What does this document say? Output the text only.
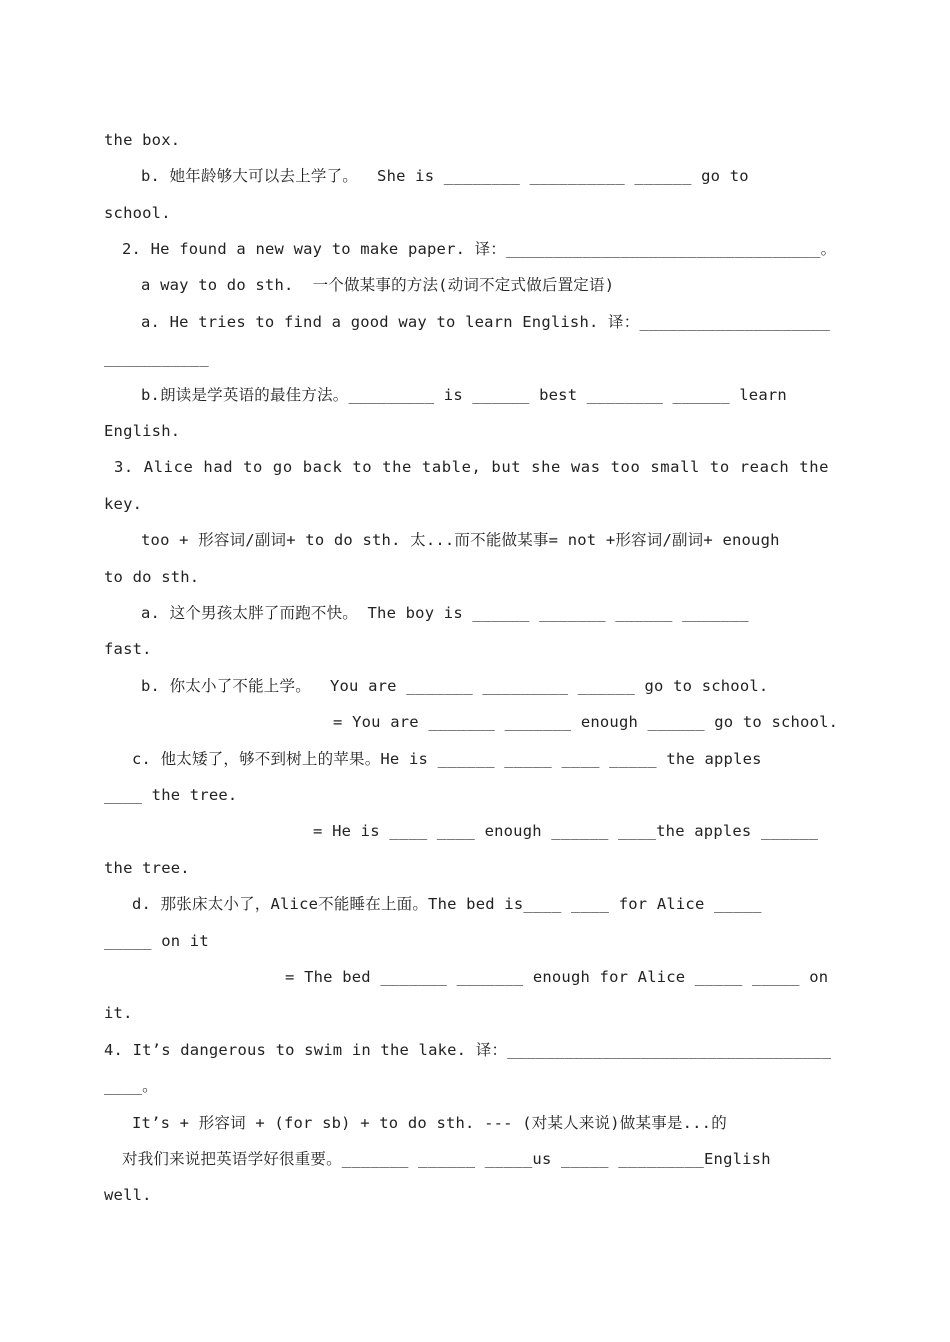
the box.
b. 她年龄够大可以去上学了。  She is ________ __________ ______ go to
school.
2. He found a new way to make paper. 译：_________________________________。
a way to do sth.  一个做某事的方法(动词不定式做后置定语)
a. He tries to find a good way to learn English. 译：____________________
___________
b.朗读是学英语的最佳方法。_________ is ______ best ________ ______ learn
English.
3. Alice had to go back to the table, but she was too small to reach the
key.
too + 形容词/副词+ to do sth. 太...而不能做某事= not +形容词/副词+ enough
to do sth.
a. 这个男孩太胖了而跑不快。 The boy is ______ _______ ______ _______
fast.
b. 你太小了不能上学。  You are _______ _________ ______ go to school.
= You are _______ _______ enough ______ go to school.
c. 他太矮了，够不到树上的苹果。He is ______ _____ ____ _____ the apples
____ the tree.
= He is ____ ____ enough ______ ____the apples ______
the tree.
d. 那张床太小了，Alice不能睡在上面。The bed is____ ____ for Alice _____
_____ on it
= The bed _______ _______ enough for Alice _____ _____ on
it.
4. It’s dangerous to swim in the lake. 译：__________________________________
____。
It’s + 形容词 + (for sb) + to do sth. --- (对某人来说)做某事是...的
对我们来说把英语学好很重要。_______ ______ _____us _____ _________English
well.
